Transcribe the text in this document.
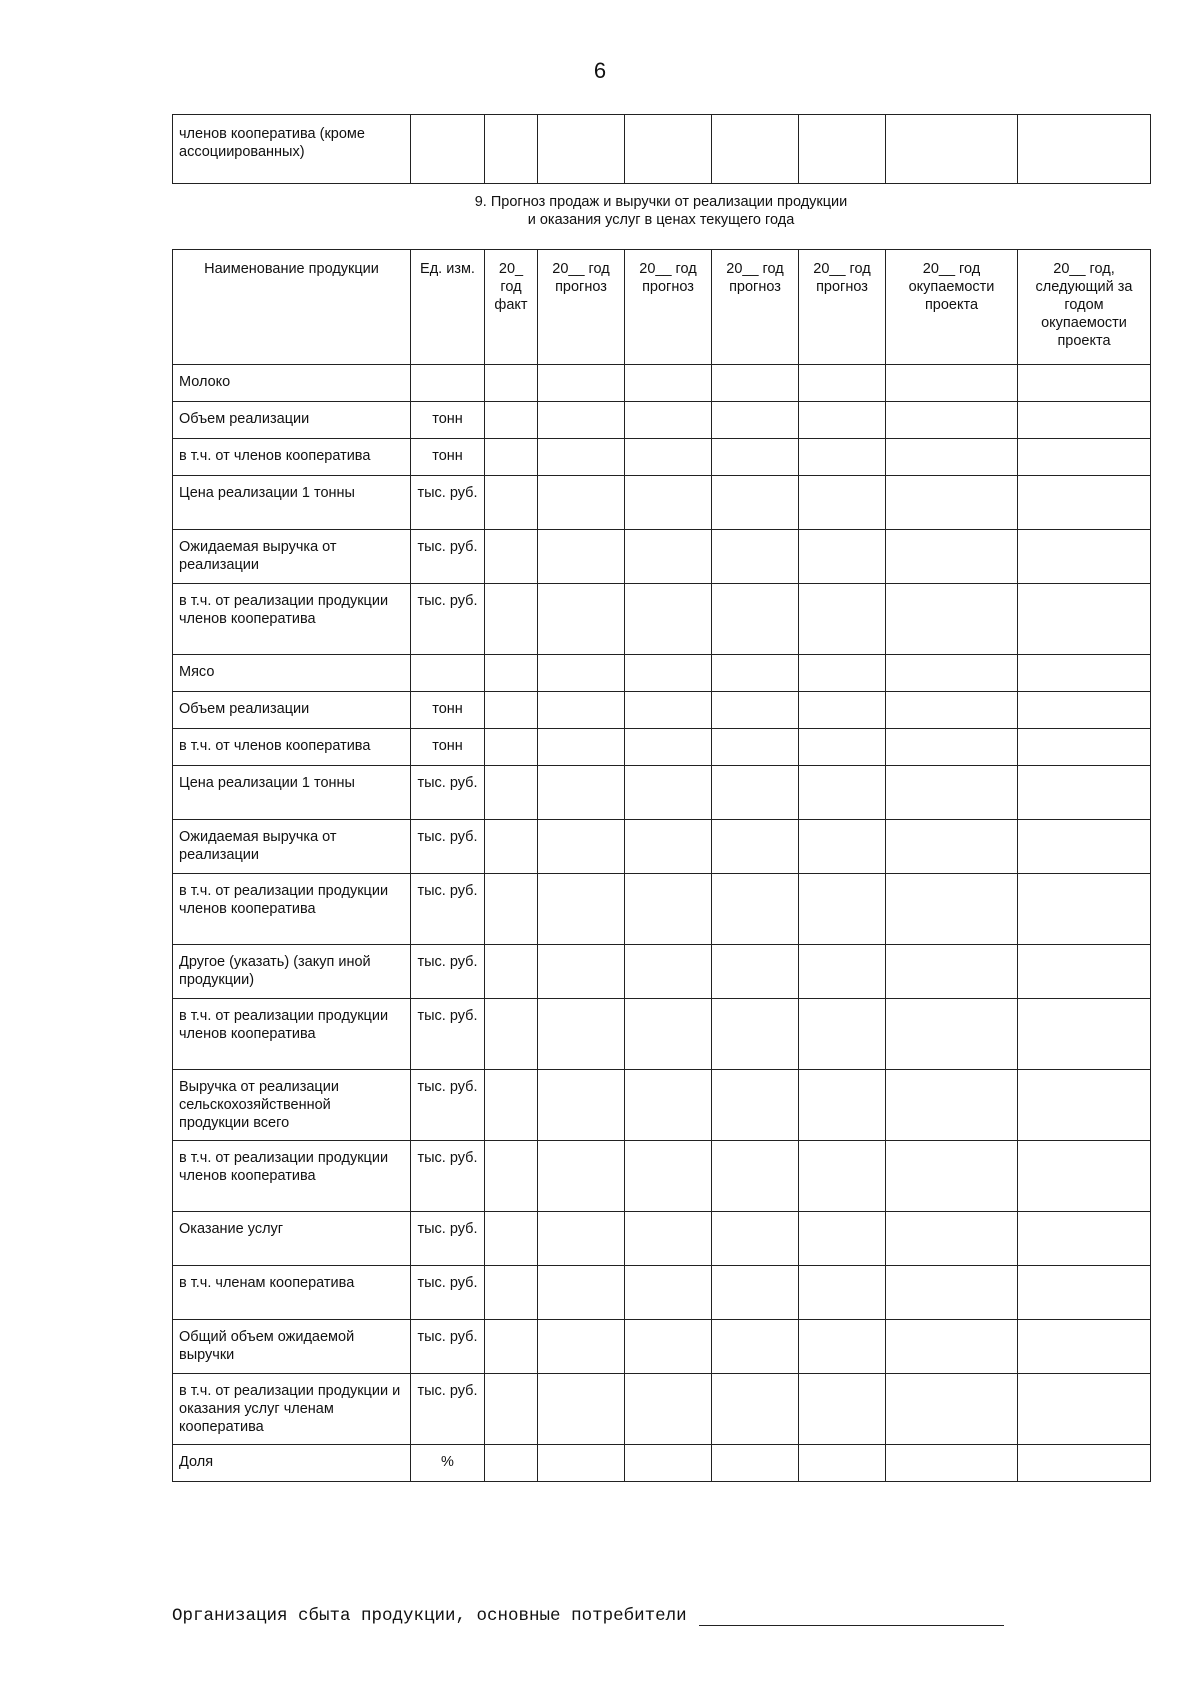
6
членов кооператива (кроме ассоциированных)								
9. Прогноз продаж и выручки от реализации продукции
и оказания услуг в ценах текущего года
Наименование продукции	Ед. изм.	20_ год факт	20__ год прогноз	20__ год прогноз	20__ год прогноз	20__ год прогноз	20__ год окупаемости проекта	20__ год, следующий за годом окупаемости проекта
Молоко								
Объем реализации	тонн							
в т.ч. от членов кооператива	тонн							
Цена реализации 1 тонны	тыс. руб.							
Ожидаемая выручка от реализации	тыс. руб.							
в т.ч. от реализации продукции членов кооператива	тыс. руб.							
Мясо								
Объем реализации	тонн							
в т.ч. от членов кооператива	тонн							
Цена реализации 1 тонны	тыс. руб.							
Ожидаемая выручка от реализации	тыс. руб.							
в т.ч. от реализации продукции членов кооператива	тыс. руб.							
Другое (указать) (закуп иной продукции)	тыс. руб.							
в т.ч. от реализации продукции членов кооператива	тыс. руб.							
Выручка от реализации сельскохозяйственной продукции всего	тыс. руб.							
в т.ч. от реализации продукции членов кооператива	тыс. руб.							
Оказание услуг	тыс. руб.							
в т.ч. членам кооператива	тыс. руб.							
Общий объем ожидаемой выручки	тыс. руб.							
в т.ч. от реализации продукции и оказания услуг членам кооператива	тыс. руб.							
Доля	%							
Организация сбыта продукции, основные потребители
